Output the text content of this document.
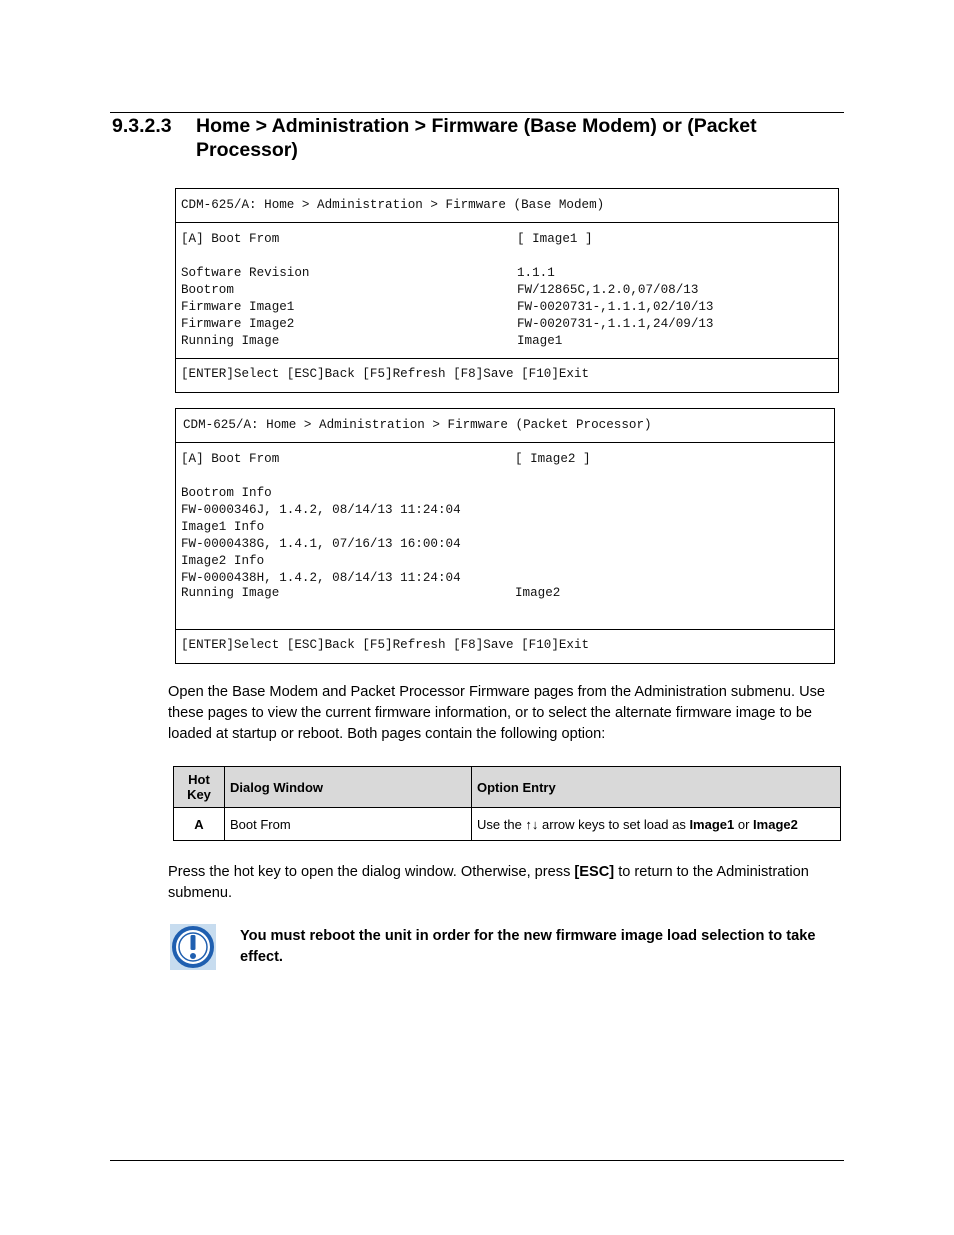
9.3.2.3 Home > Administration > Firmware (Base Modem) or (Packet Processor)
CDM-625/A: Home > Administration > Firmware (Base Modem)
[A] Boot From	[ Image1 ]
Software Revision	1.1.1
Bootrom	FW/12865C,1.2.0,07/08/13
Firmware Image1	FW-0020731-,1.1.1,02/10/13
Firmware Image2	FW-0020731-,1.1.1,24/09/13
Running Image	Image1
[ENTER]Select [ESC]Back [F5]Refresh [F8]Save [F10]Exit
CDM-625/A: Home > Administration > Firmware (Packet Processor)
[A] Boot From	[ Image2 ]
Bootrom Info
FW-0000346J, 1.4.2, 08/14/13 11:24:04
Image1 Info
FW-0000438G, 1.4.1, 07/16/13 16:00:04
Image2 Info
FW-0000438H, 1.4.2, 08/14/13 11:24:04
Running Image	Image2
[ENTER]Select [ESC]Back [F5]Refresh [F8]Save [F10]Exit

Open the Base Modem and Packet Processor Firmware pages from the Administration submenu. Use these pages to view the current firmware information, or to select the alternate firmware image to be loaded at startup or reboot. Both pages contain the following option:

Hot Key	Dialog Window	Option Entry
A	Boot From	Use the ↑↓ arrow keys to set load as Image1 or Image2

Press the hot key to open the dialog window. Otherwise, press [ESC] to return to the Administration submenu.

You must reboot the unit in order for the new firmware image load selection to take effect.
